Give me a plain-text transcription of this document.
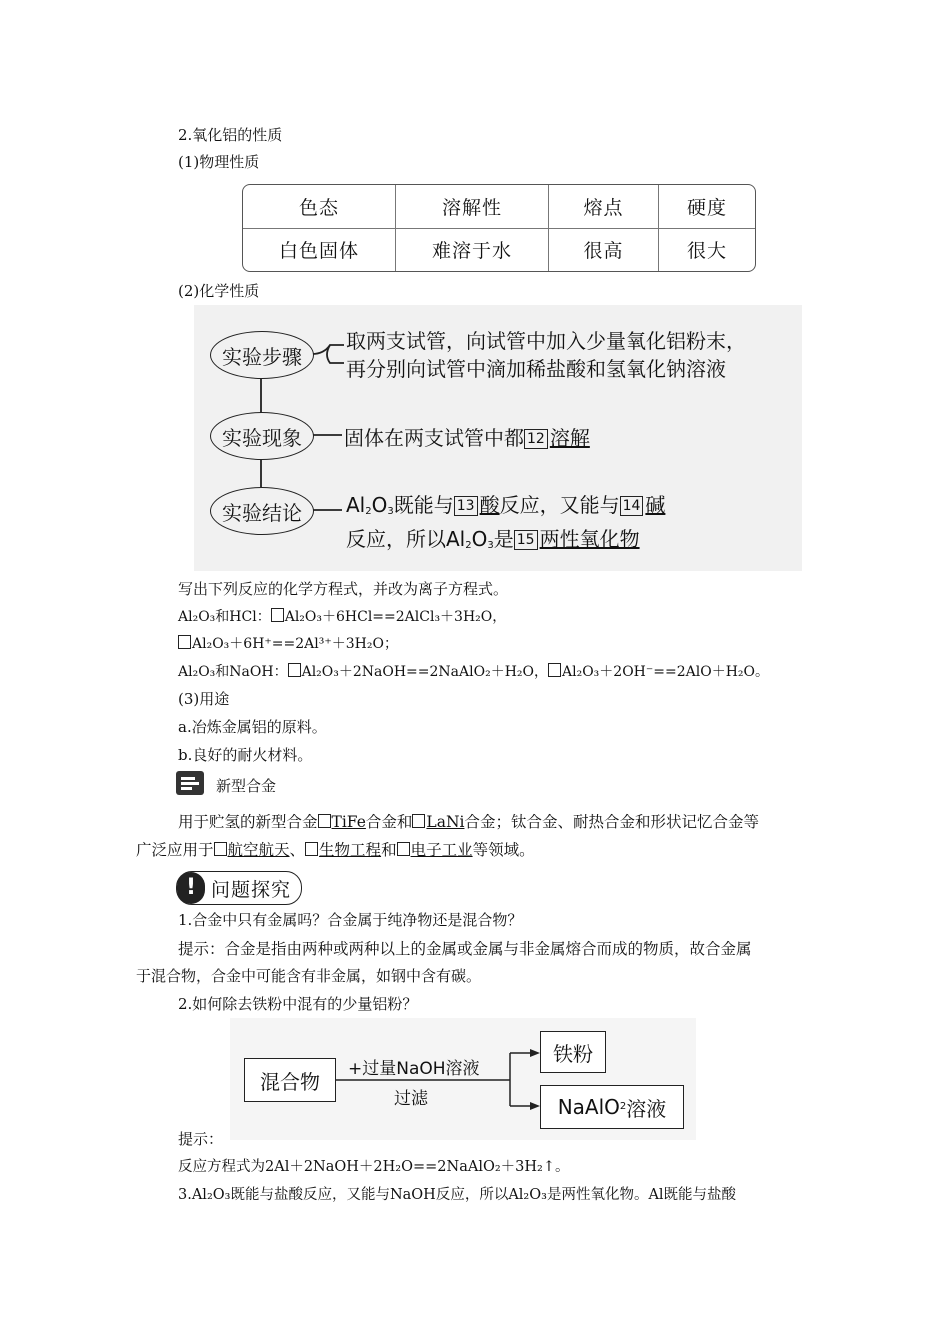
2.氧化铝的性质
(1)物理性质
色态	溶解性	熔点	硬度
白色固体	难溶于水	很高	很大
(2)化学性质
实验步骤
实验现象
实验结论
取两支试管，向试管中加入少量氧化铝粉末，
再分别向试管中滴加稀盐酸和氢氧化钠溶液
固体在两支试管中都 12 溶解
$Al_2O_3$既能与 13 酸反应，又能与 14 碱
反应，所以$Al_2O_3$是 15 两性氧化物
写出下列反应的化学方程式，并改为离子方程式。
Al₂O₃和HCl： Al₂O₃＋6HCl==2AlCl₃＋3H₂O，
Al₂O₃＋6H⁺==2Al³⁺＋3H₂O；
Al₂O₃和NaOH： Al₂O₃＋2NaOH==2NaAlO₂＋H₂O， Al₂O₃＋2OH⁻==2AlO＋H₂O。
(3)用途
a.冶炼金属铝的原料。
b.良好的耐火材料。
新型合金
用于贮氢的新型合金 TiFe合金和 LaNi合金；钛合金、耐热合金和形状记忆合金等
广泛应用于 航空航天、 生物工程和 电子工业等领域。
! 问题探究
1.合金中只有金属吗？合金属于纯净物还是混合物？
提示：合金是指由两种或两种以上的金属或金属与非金属熔合而成的物质，故合金属
于混合物，合金中可能含有非金属，如钢中含有碳。
2.如何除去铁粉中混有的少量铝粉？
混合物
+过量NaOH溶液
过滤
铁粉
NaAlO 2 溶液
提示：
反应方程式为2Al＋2NaOH＋2H₂O==2NaAlO₂＋3H₂↑。
3.Al₂O₃既能与盐酸反应，又能与NaOH反应，所以Al₂O₃是两性氧化物。Al既能与盐酸
